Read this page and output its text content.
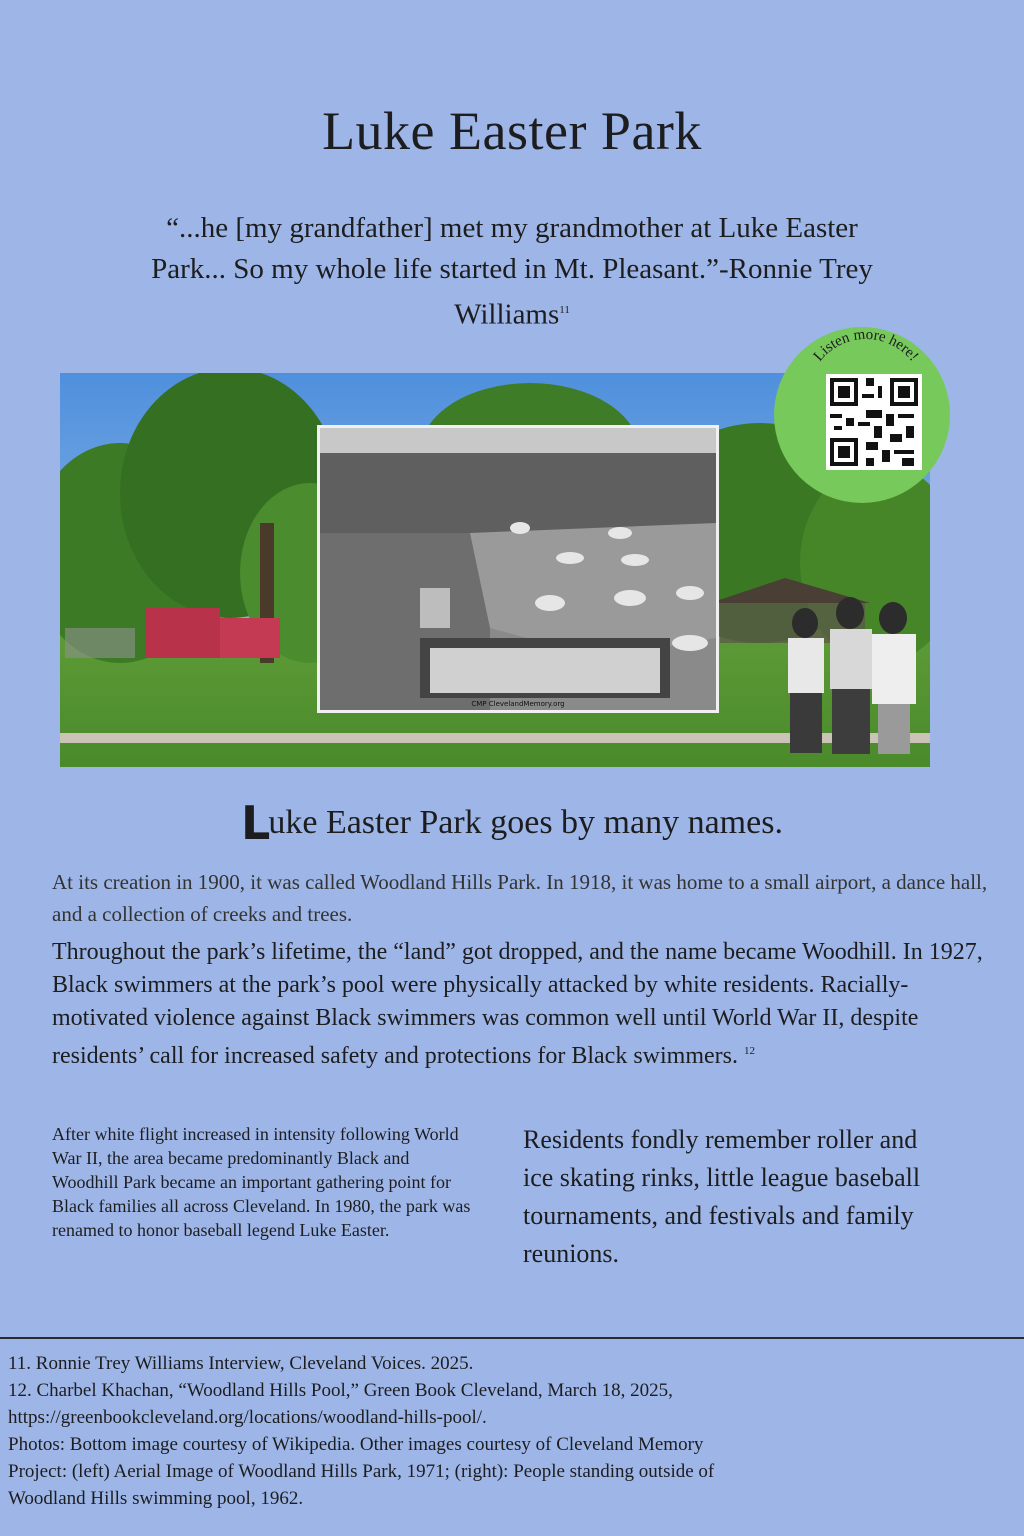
Luke Easter Park
“...he [my grandfather] met my grandmother at Luke Easter Park... So my whole life started in Mt. Pleasant.”-Ronnie Trey Williams$^{11}$
CMP ClevelandMemory.org
Listen more here!
Luke Easter Park goes by many names.

At its creation in 1900, it was called Woodland Hills Park. In 1918, it was home to a small airport, a dance hall, and a collection of creeks and trees.

Throughout the park’s lifetime, the “land” got dropped, and the name became Woodhill. In 1927, Black swimmers at the park’s pool were physically attacked by white residents. Racially-motivated violence against Black swimmers was common well until World War II, despite residents’ call for increased safety and protections for Black swimmers. $^{12}$

After white flight increased in intensity following World War II, the area became predominantly Black and Woodhill Park became an important gathering point for Black families all across Cleveland. In 1980, the park was renamed to honor baseball legend Luke Easter.

Residents fondly remember roller and ice skating rinks, little league baseball tournaments, and festivals and family reunions.

11. Ronnie Trey Williams Interview, Cleveland Voices. 2025.
12. Charbel Khachan, “Woodland Hills Pool,” Green Book Cleveland, March 18, 2025,
https://greenbookcleveland.org/locations/woodland-hills-pool/.
Photos: Bottom image courtesy of Wikipedia. Other images courtesy of Cleveland Memory
Project: (left) Aerial Image of Woodland Hills Park, 1971; (right): People standing outside of
Woodland Hills swimming pool, 1962.
